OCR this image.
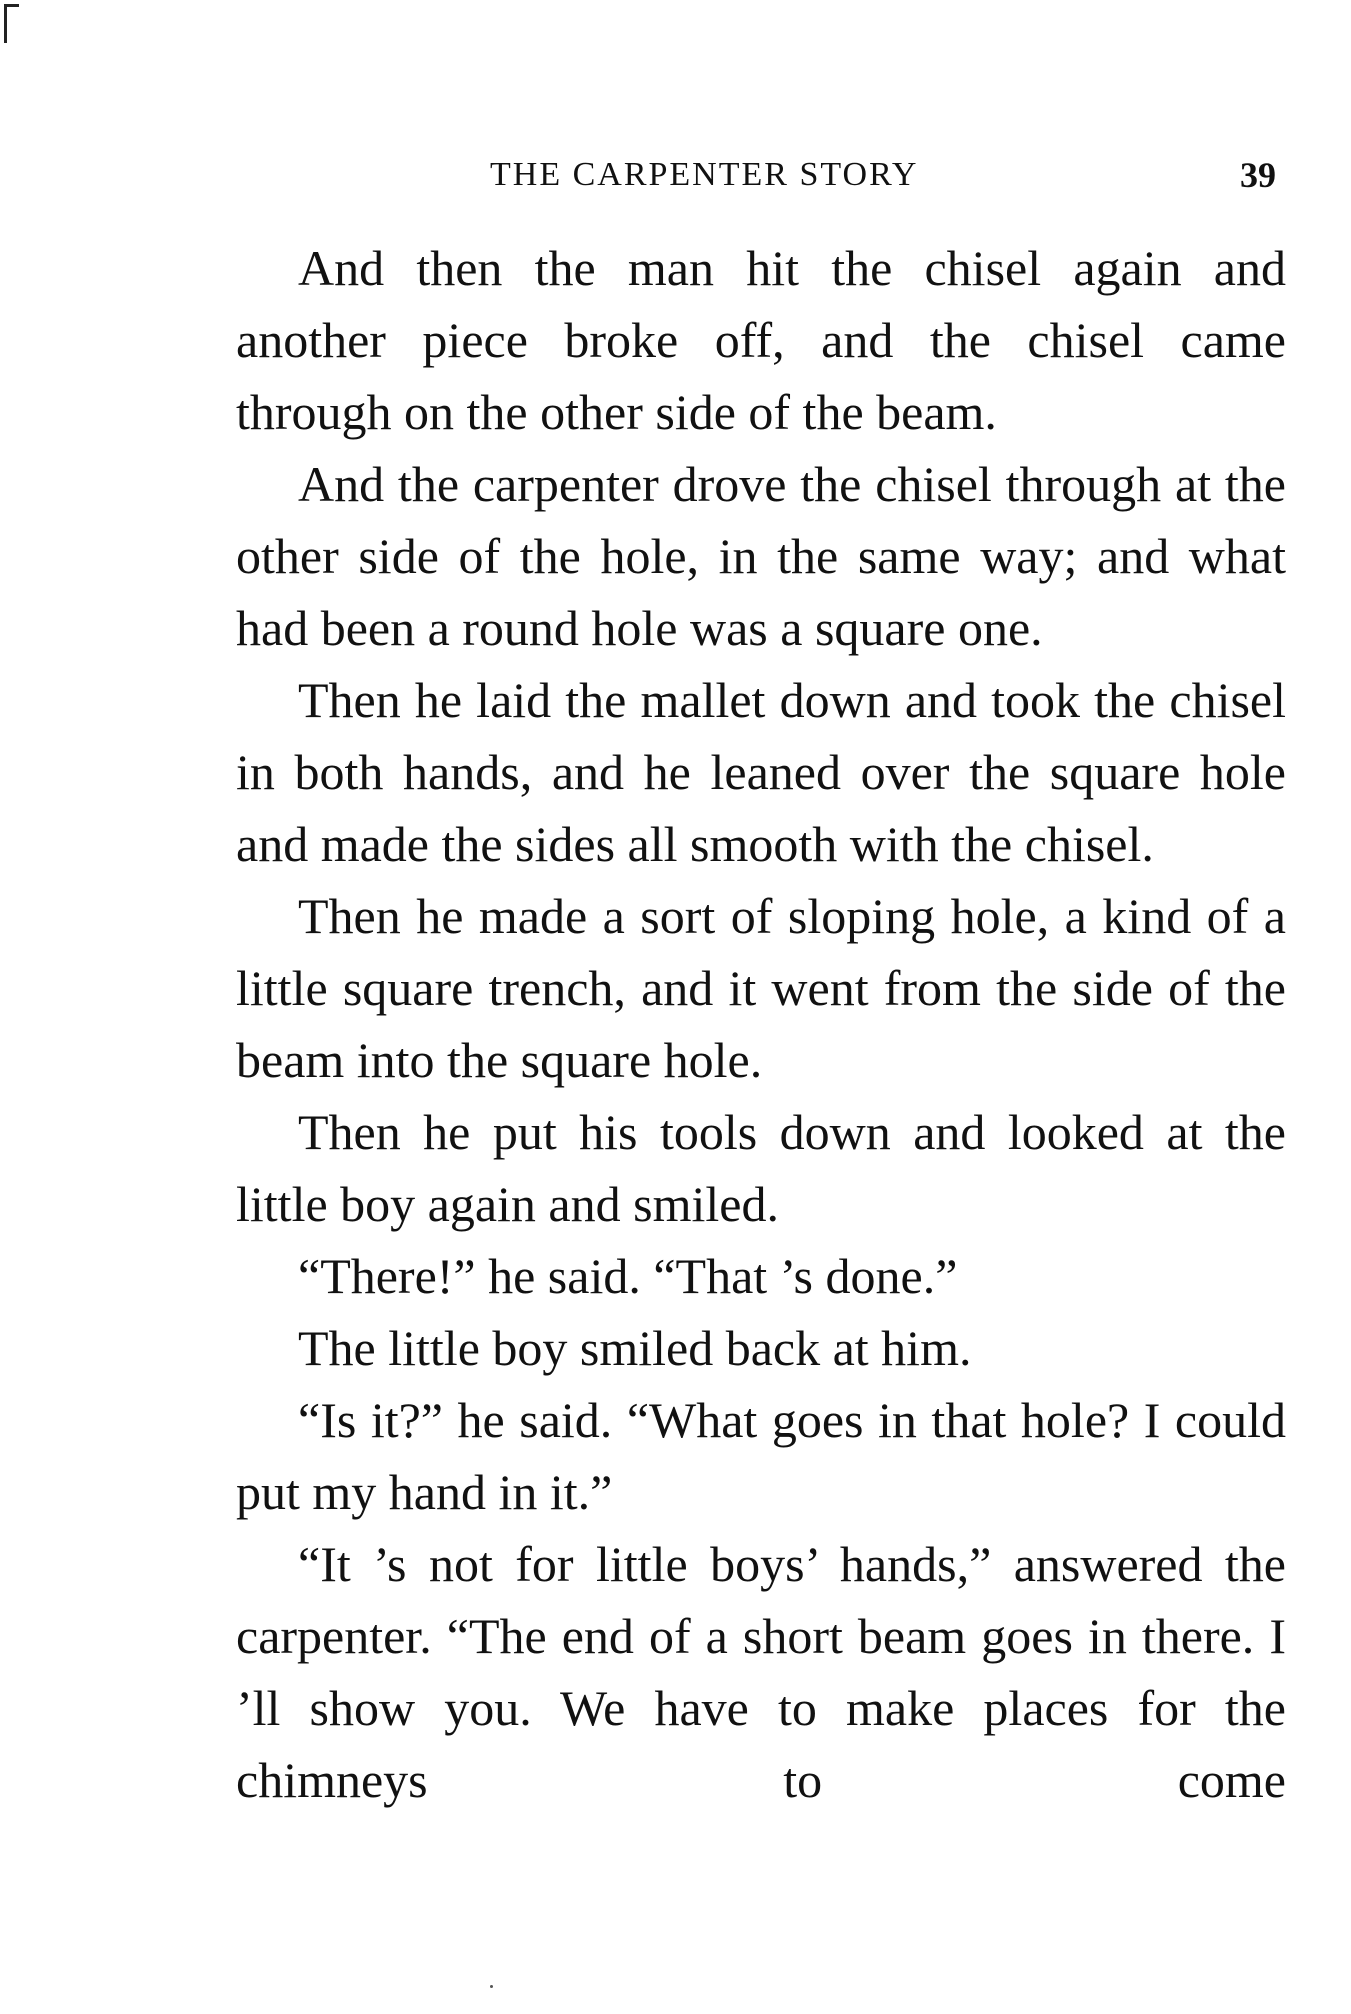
THE CARPENTER STORY	39

And then the man hit the chisel again and another piece broke off, and the chisel came through on the other side of the beam.

And the carpenter drove the chisel through at the other side of the hole, in the same way; and what had been a round hole was a square one.

Then he laid the mallet down and took the chisel in both hands, and he leaned over the square hole and made the sides all smooth with the chisel.

Then he made a sort of sloping hole, a kind of a little square trench, and it went from the side of the beam into the square hole.

Then he put his tools down and looked at the little boy again and smiled.

“There!” he said. “That ’s done.”

The little boy smiled back at him.

“Is it?” he said. “What goes in that hole? I could put my hand in it.”

“It ’s not for little boys’ hands,” answered the carpenter. “The end of a short beam goes in there. I ’ll show you. We have to make places for the chimneys to come
